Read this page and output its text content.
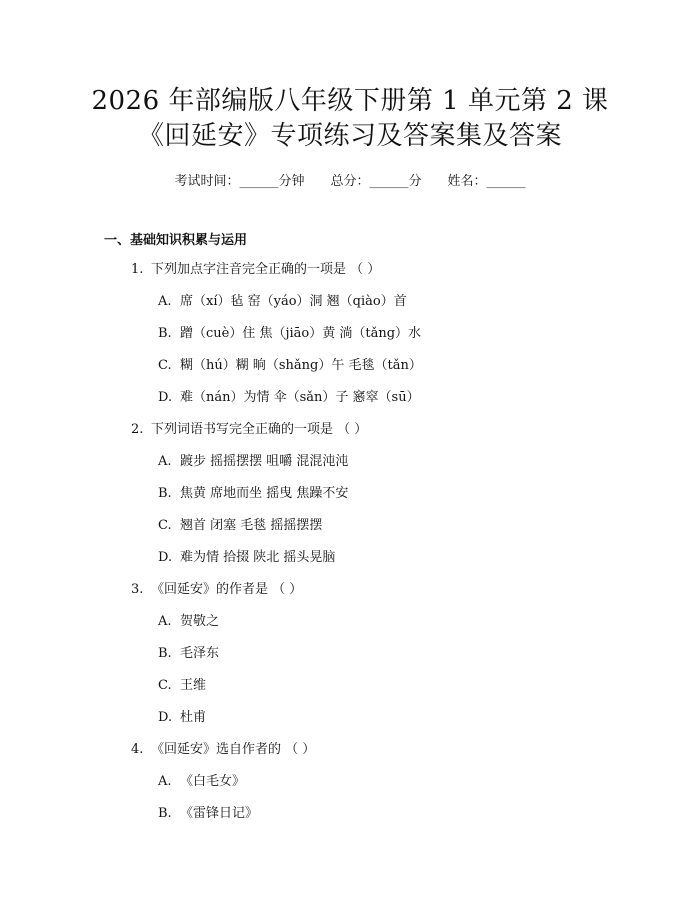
2026 年部编版八年级下册第 1 单元第 2 课
《回延安》专项练习及答案集及答案
考试时间：______分钟 总分：______分 姓名：______
一、基础知识积累与运用
1. 下列加点字注音完全正确的一项是 （ ）
A. 席（xí）毡 窑（yáo）洞 翘（qiào）首
B. 蹭（cuè）住 焦（jiāo）黄 淌（tǎng）水
C. 糊（hú）糊 晌（shǎng）午 毛毯（tǎn）
D. 难（nán）为情 伞（sǎn）子 窸窣（sū）
2. 下列词语书写完全正确的一项是 （ ）
A. 踱步 摇摇摆摆 咀嚼 混混沌沌
B. 焦黄 席地而坐 摇曳 焦躁不安
C. 翘首 闭塞 毛毯 摇摇摆摆
D. 难为情 拾掇 陕北 摇头晃脑
3. 《回延安》的作者是 （ ）
A. 贺敬之
B. 毛泽东
C. 王维
D. 杜甫
4. 《回延安》选自作者的 （ ）
A. 《白毛女》
B. 《雷锋日记》
